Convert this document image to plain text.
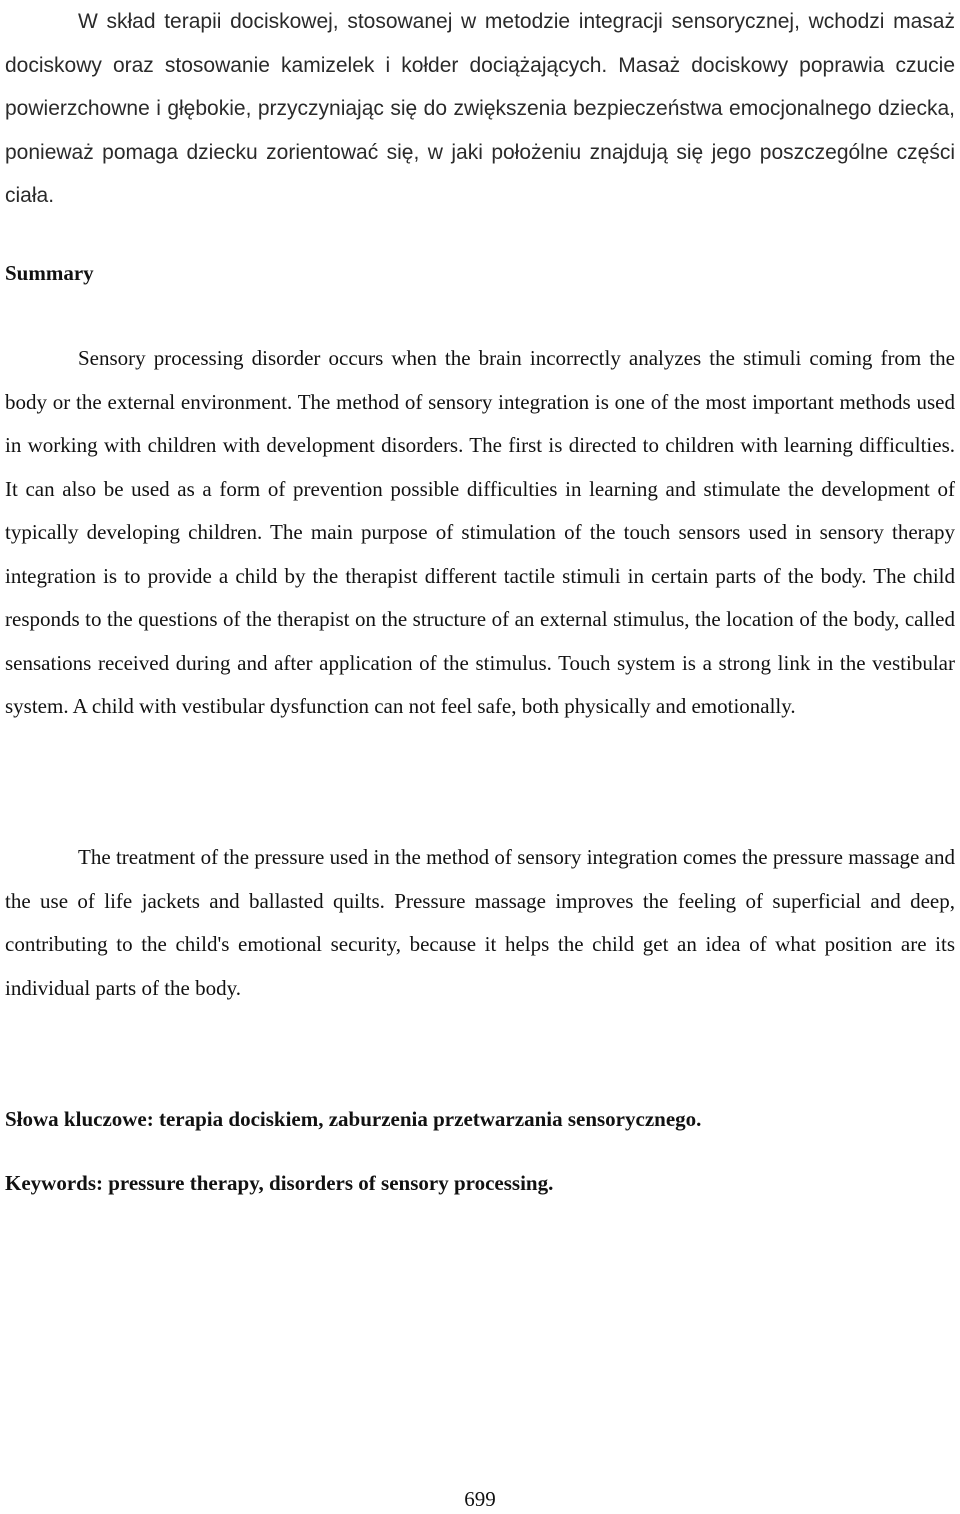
W skład terapii dociskowej, stosowanej w metodzie integracji sensorycznej, wchodzi masaż dociskowy oraz stosowanie kamizelek i kołder dociążających. Masaż dociskowy poprawia czucie powierzchowne i głębokie, przyczyniając się do zwiększenia bezpieczeństwa emocjonalnego dziecka, ponieważ pomaga dziecku zorientować się, w jaki położeniu znajdują się jego poszczególne części ciała.

Summary

Sensory processing disorder occurs when the brain incorrectly analyzes the stimuli coming from the body or the external environment. The method of sensory integration is one of the most important methods used in working with children with development disorders. The first is directed to children with learning difficulties. It can also be used as a form of prevention possible difficulties in learning and stimulate the development of typically developing children. The main purpose of stimulation of the touch sensors used in sensory therapy integration is to provide a child by the therapist different tactile stimuli in certain parts of the body. The child responds to the questions of the therapist on the structure of an external stimulus, the location of the body, called sensations received during and after application of the stimulus. Touch system is a strong link in the vestibular system. A child with vestibular dysfunction can not feel safe, both physically and emotionally.

The treatment of the pressure used in the method of sensory integration comes the pressure massage and the use of life jackets and ballasted quilts. Pressure massage improves the feeling of superficial and deep, contributing to the child's emotional security, because it helps the child get an idea of what position are its individual parts of the body.

Słowa kluczowe: terapia dociskiem, zaburzenia przetwarzania sensorycznego.

Keywords: pressure therapy, disorders of sensory processing.

699
